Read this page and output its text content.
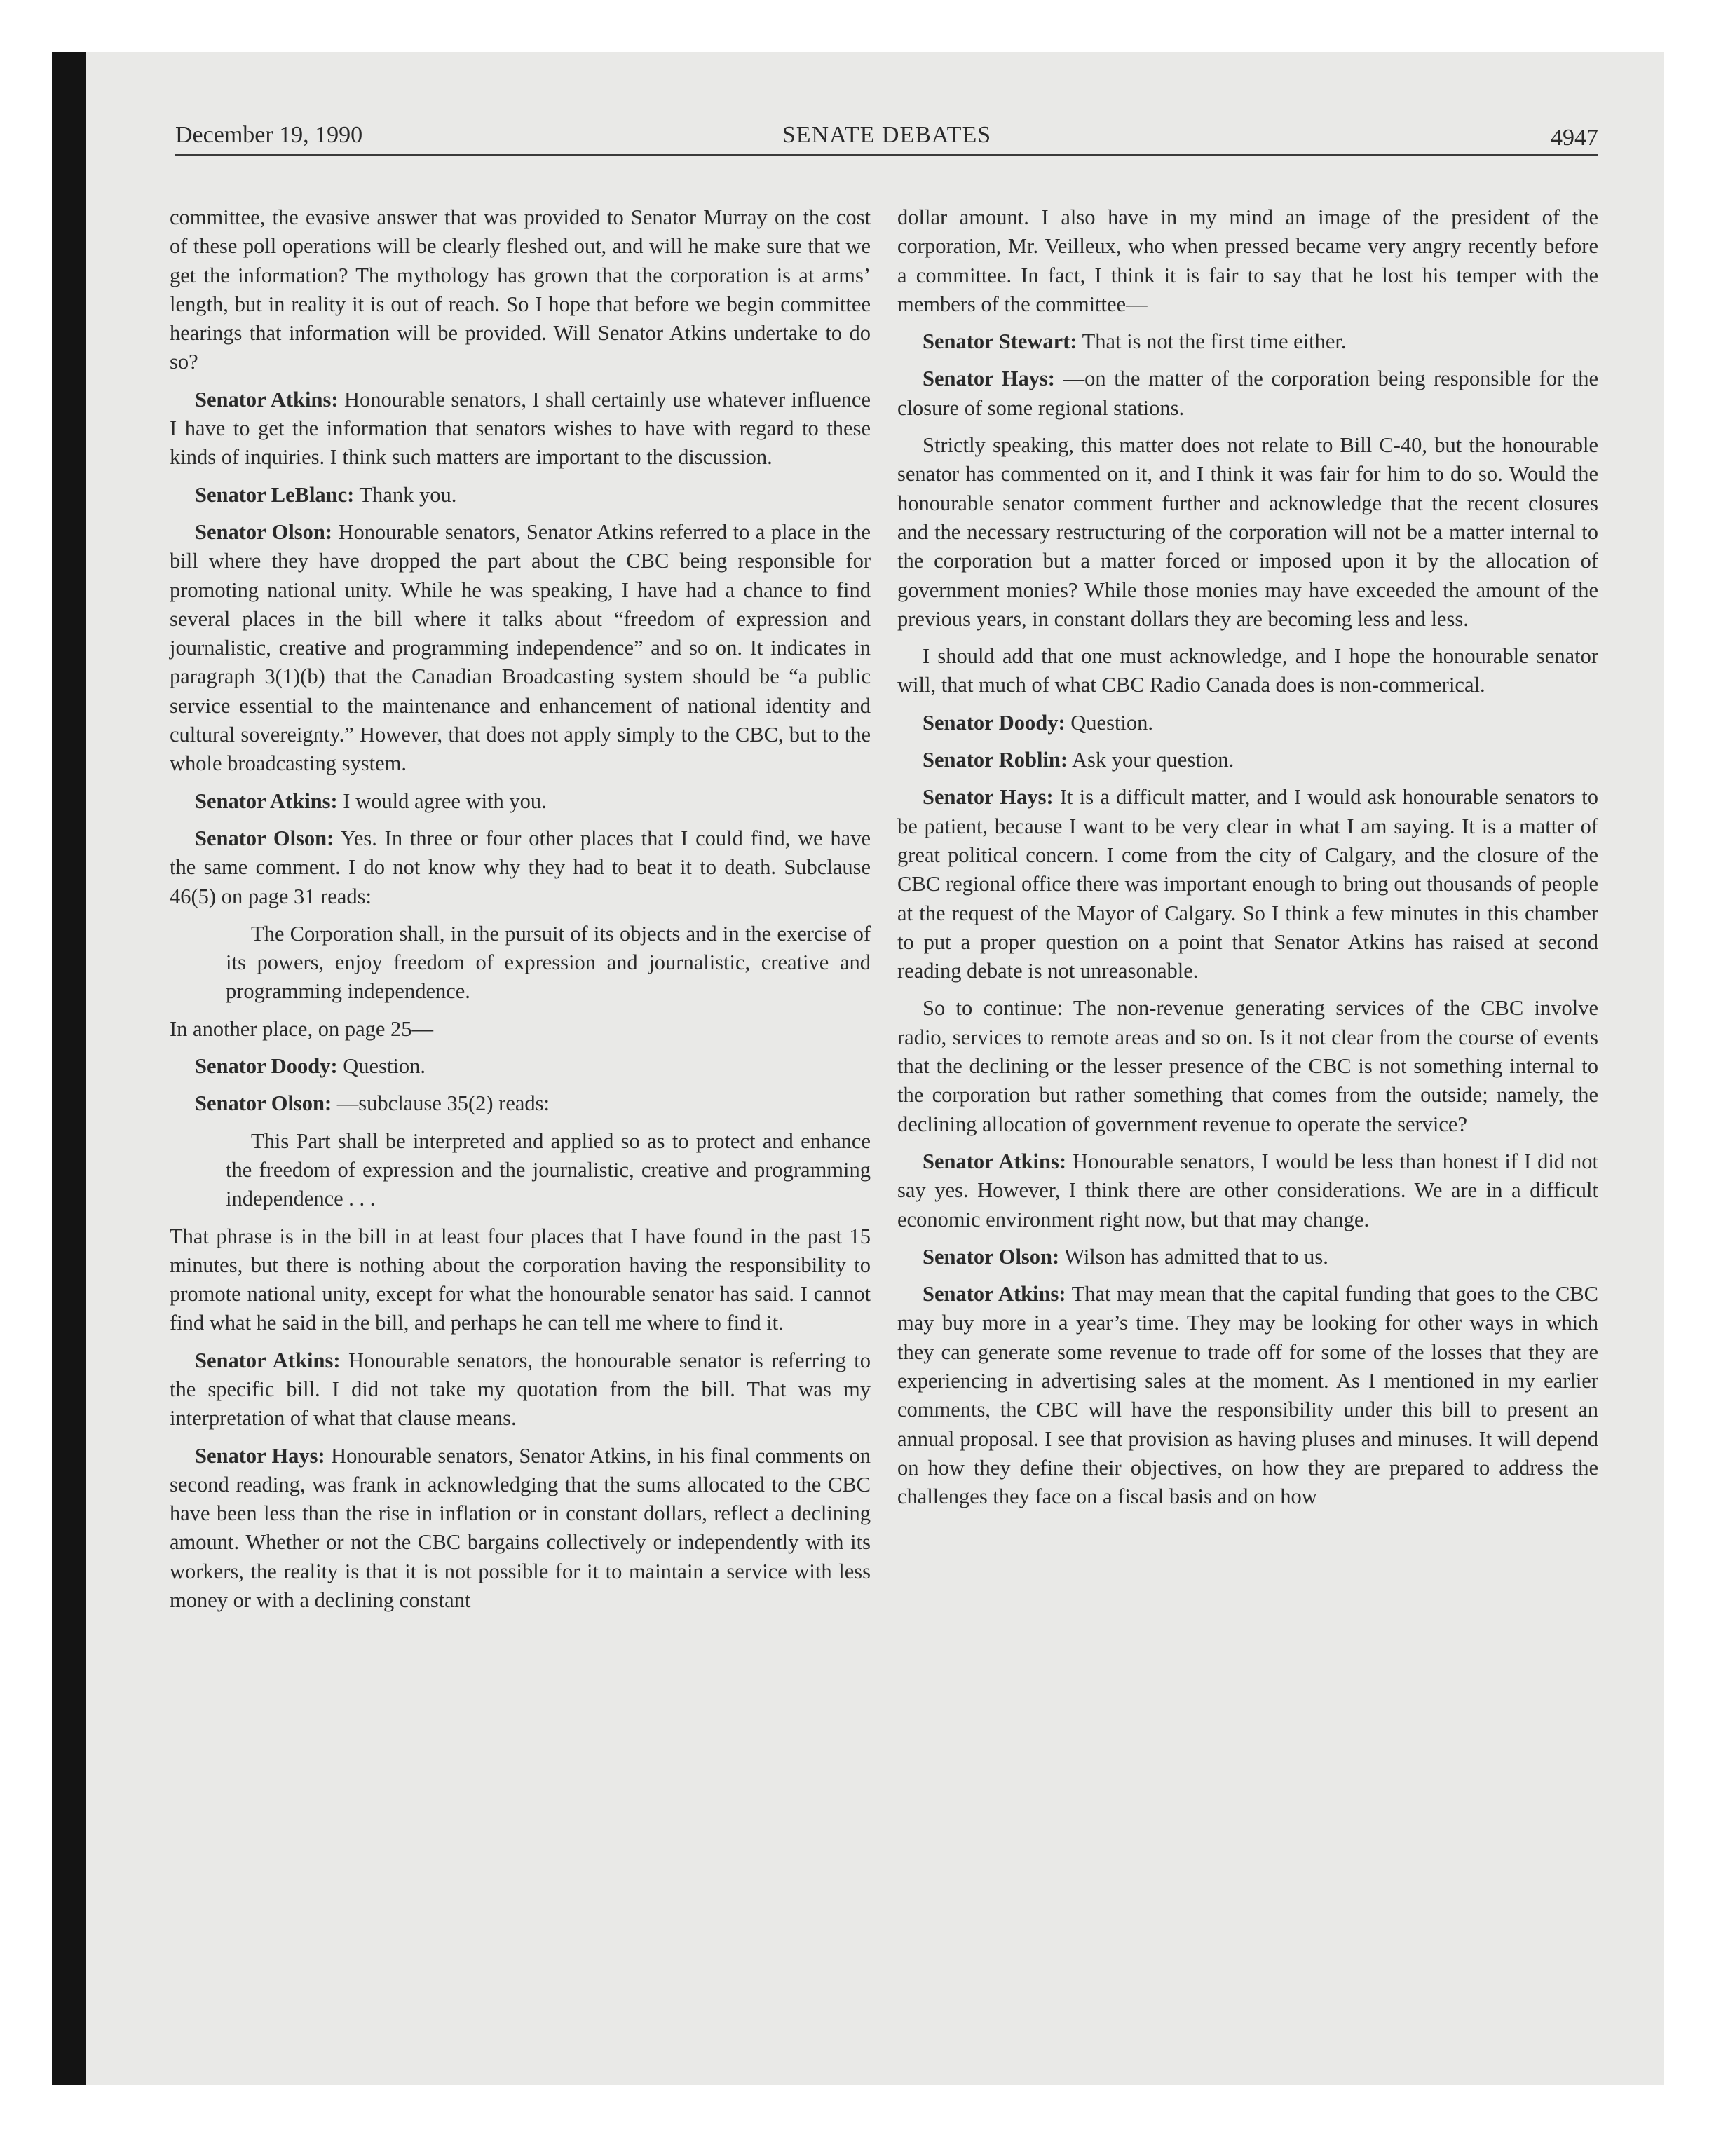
December 19, 1990	SENATE DEBATES	4947

committee, the evasive answer that was provided to Senator Murray on the cost of these poll operations will be clearly fleshed out, and will he make sure that we get the information? The mythology has grown that the corporation is at arms’ length, but in reality it is out of reach. So I hope that before we begin committee hearings that information will be provided. Will Senator Atkins undertake to do so?

Senator Atkins: Honourable senators, I shall certainly use whatever influence I have to get the information that senators wishes to have with regard to these kinds of inquiries. I think such matters are important to the discussion.

Senator LeBlanc: Thank you.

Senator Olson: Honourable senators, Senator Atkins referred to a place in the bill where they have dropped the part about the CBC being responsible for promoting national unity. While he was speaking, I have had a chance to find several places in the bill where it talks about “freedom of expression and journalistic, creative and programming independence” and so on. It indicates in paragraph 3(1)(b) that the Canadian Broadcasting system should be “a public service essential to the maintenance and enhancement of national identity and cultural sovereignty.” However, that does not apply simply to the CBC, but to the whole broadcasting system.

Senator Atkins: I would agree with you.

Senator Olson: Yes. In three or four other places that I could find, we have the same comment. I do not know why they had to beat it to death. Subclause 46(5) on page 31 reads:

The Corporation shall, in the pursuit of its objects and in the exercise of its powers, enjoy freedom of expression and journalistic, creative and programming independence.

In another place, on page 25—

Senator Doody: Question.

Senator Olson: —subclause 35(2) reads:

This Part shall be interpreted and applied so as to protect and enhance the freedom of expression and the journalistic, creative and programming independence . . .

That phrase is in the bill in at least four places that I have found in the past 15 minutes, but there is nothing about the corporation having the responsibility to promote national unity, except for what the honourable senator has said. I cannot find what he said in the bill, and perhaps he can tell me where to find it.

Senator Atkins: Honourable senators, the honourable senator is referring to the specific bill. I did not take my quotation from the bill. That was my interpretation of what that clause means.

Senator Hays: Honourable senators, Senator Atkins, in his final comments on second reading, was frank in acknowledging that the sums allocated to the CBC have been less than the rise in inflation or in constant dollars, reflect a declining amount. Whether or not the CBC bargains collectively or independently with its workers, the reality is that it is not possible for it to maintain a service with less money or with a declining constant

dollar amount. I also have in my mind an image of the president of the corporation, Mr. Veilleux, who when pressed became very angry recently before a committee. In fact, I think it is fair to say that he lost his temper with the members of the committee—

Senator Stewart: That is not the first time either.

Senator Hays: —on the matter of the corporation being responsible for the closure of some regional stations.

Strictly speaking, this matter does not relate to Bill C-40, but the honourable senator has commented on it, and I think it was fair for him to do so. Would the honourable senator comment further and acknowledge that the recent closures and the necessary restructuring of the corporation will not be a matter internal to the corporation but a matter forced or imposed upon it by the allocation of government monies? While those monies may have exceeded the amount of the previous years, in constant dollars they are becoming less and less.

I should add that one must acknowledge, and I hope the honourable senator will, that much of what CBC Radio Canada does is non-commerical.

Senator Doody: Question.

Senator Roblin: Ask your question.

Senator Hays: It is a difficult matter, and I would ask honourable senators to be patient, because I want to be very clear in what I am saying. It is a matter of great political concern. I come from the city of Calgary, and the closure of the CBC regional office there was important enough to bring out thousands of people at the request of the Mayor of Calgary. So I think a few minutes in this chamber to put a proper question on a point that Senator Atkins has raised at second reading debate is not unreasonable.

So to continue: The non-revenue generating services of the CBC involve radio, services to remote areas and so on. Is it not clear from the course of events that the declining or the lesser presence of the CBC is not something internal to the corporation but rather something that comes from the outside; namely, the declining allocation of government revenue to operate the service?

Senator Atkins: Honourable senators, I would be less than honest if I did not say yes. However, I think there are other considerations. We are in a difficult economic environment right now, but that may change.

Senator Olson: Wilson has admitted that to us.

Senator Atkins: That may mean that the capital funding that goes to the CBC may buy more in a year’s time. They may be looking for other ways in which they can generate some revenue to trade off for some of the losses that they are experiencing in advertising sales at the moment. As I mentioned in my earlier comments, the CBC will have the responsibility under this bill to present an annual proposal. I see that provision as having pluses and minuses. It will depend on how they define their objectives, on how they are prepared to address the challenges they face on a fiscal basis and on how
